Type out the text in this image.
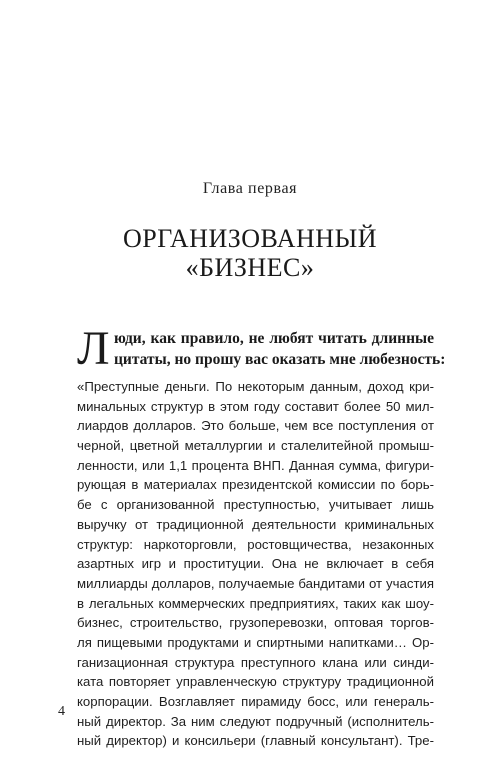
Глава первая
ОРГАНИЗОВАННЫЙ
«БИЗНЕС»
Л юди, как правило, не любят читать длинные
цитаты, но прошу вас оказать мне любезность:
«Преступные деньги. По некоторым данным, доход кри-
минальных структур в этом году составит более 50 мил-
лиардов долларов. Это больше, чем все поступления от
черной, цветной металлургии и сталелитейной промыш-
ленности, или 1,1 процента ВНП. Данная сумма, фигури-
рующая в материалах президентской комиссии по борь-
бе с организованной преступностью, учитывает лишь
выручку от традиционной деятельности криминальных
структур: наркоторговли, ростовщичества, незаконных
азартных игр и проституции. Она не включает в себя
миллиарды долларов, получаемые бандитами от участия
в легальных коммерческих предприятиях, таких как шоу-
бизнес, строительство, грузоперевозки, оптовая торгов-
ля пищевыми продуктами и спиртными напитками… Ор-
ганизационная структура преступного клана или синди-
ката повторяет управленческую структуру традиционной
корпорации. Возглавляет пирамиду босс, или генераль-
ный директор. За ним следуют подручный (исполнитель-
ный директор) и консильери (главный консультант). Тре-
4
